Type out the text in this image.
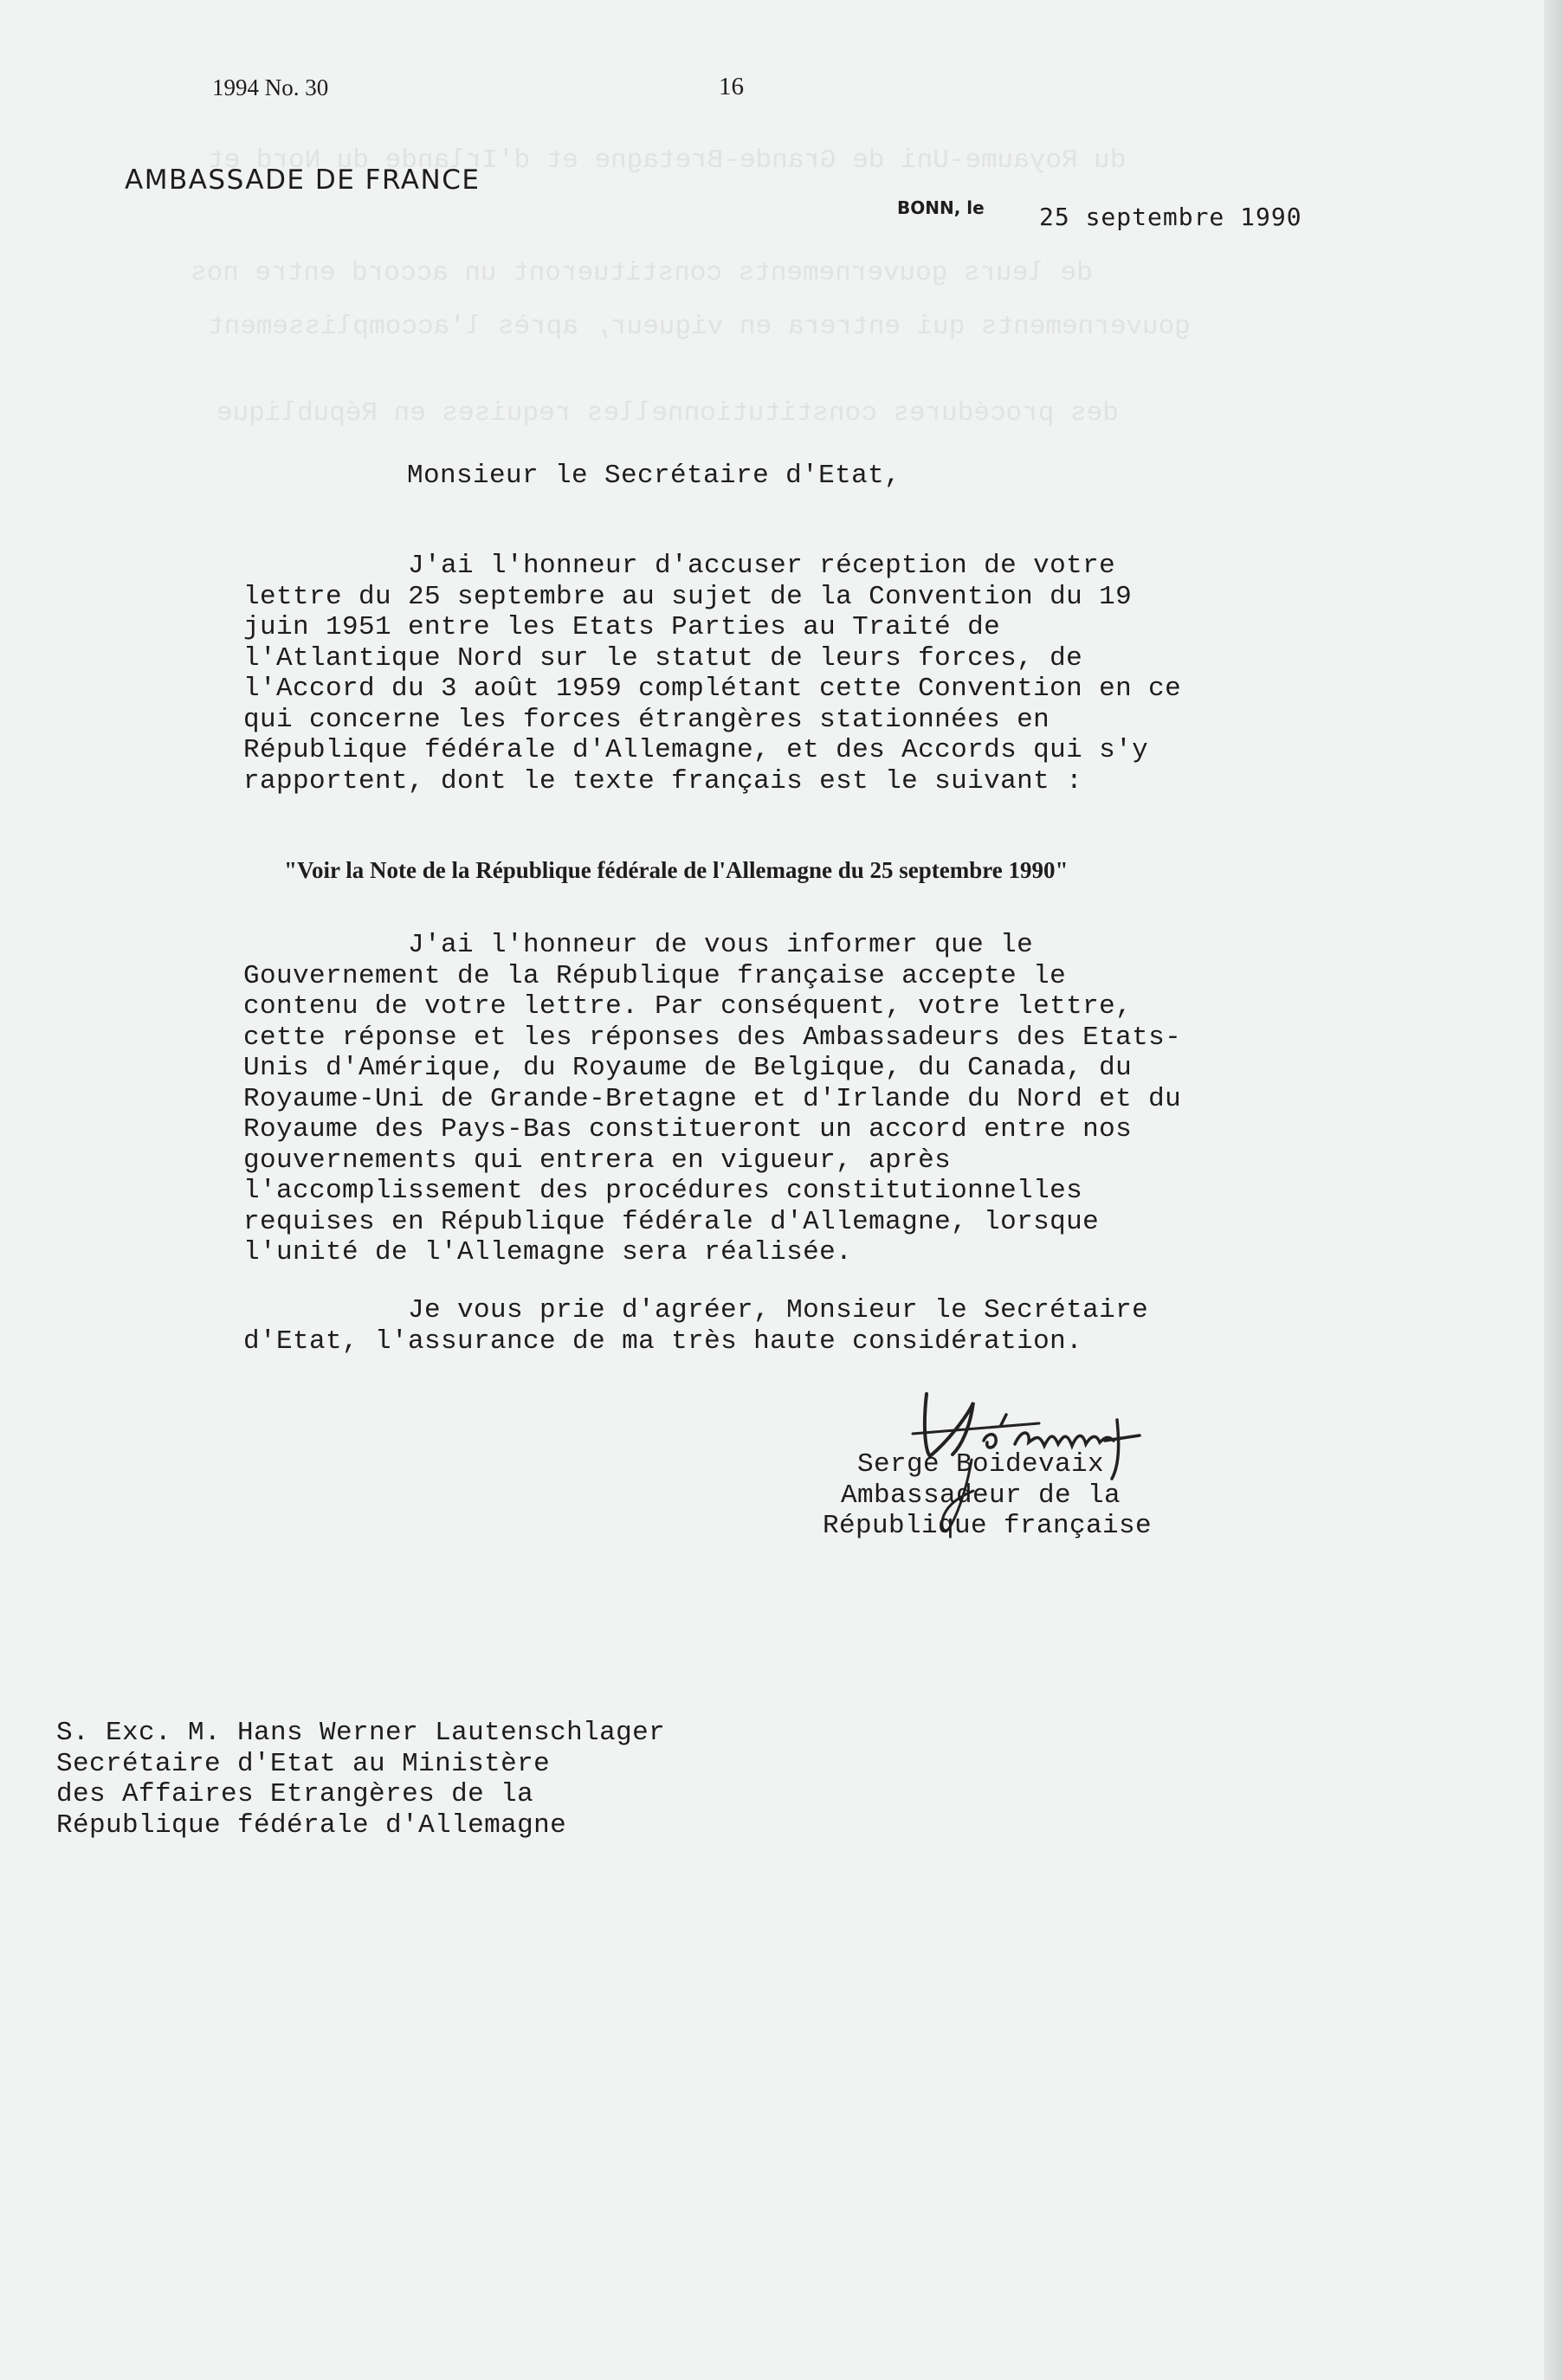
du Royaume-Uni de Grande-Bretagne et d'Irlande du Nord et
de leurs gouvernements constitueront un accord entre nos
gouvernements qui entrera en vigueur, après l'accomplissement
des procédures constitutionnelles requises en République
1994 No. 30	16
AMBASSADE DE FRANCE
BONN, le 25 septembre 1990
Monsieur le Secrétaire d'Etat,
J'ai l'honneur d'accuser réception de votre
lettre du 25 septembre au sujet de la Convention du 19
juin 1951 entre les Etats Parties au Traité de
l'Atlantique Nord sur le statut de leurs forces, de
l'Accord du 3 août 1959 complétant cette Convention en ce
qui concerne les forces étrangères stationnées en
République fédérale d'Allemagne, et des Accords qui s'y
rapportent, dont le texte français est le suivant :
"Voir la Note de la République fédérale de l'Allemagne du 25 septembre 1990"
J'ai l'honneur de vous informer que le
Gouvernement de la République française accepte le
contenu de votre lettre. Par conséquent, votre lettre,
cette réponse et les réponses des Ambassadeurs des Etats-
Unis d'Amérique, du Royaume de Belgique, du Canada, du
Royaume-Uni de Grande-Bretagne et d'Irlande du Nord et du
Royaume des Pays-Bas constitueront un accord entre nos
gouvernements qui entrera en vigueur, après
l'accomplissement des procédures constitutionnelles
requises en République fédérale d'Allemagne, lorsque
l'unité de l'Allemagne sera réalisée.
Je vous prie d'agréer, Monsieur le Secrétaire
d'Etat, l'assurance de ma très haute considération.
Serge Boidevaix
Ambassadeur de la
République française
S. Exc. M. Hans Werner Lautenschlager
Secrétaire d'Etat au Ministère
des Affaires Etrangères de la
République fédérale d'Allemagne
